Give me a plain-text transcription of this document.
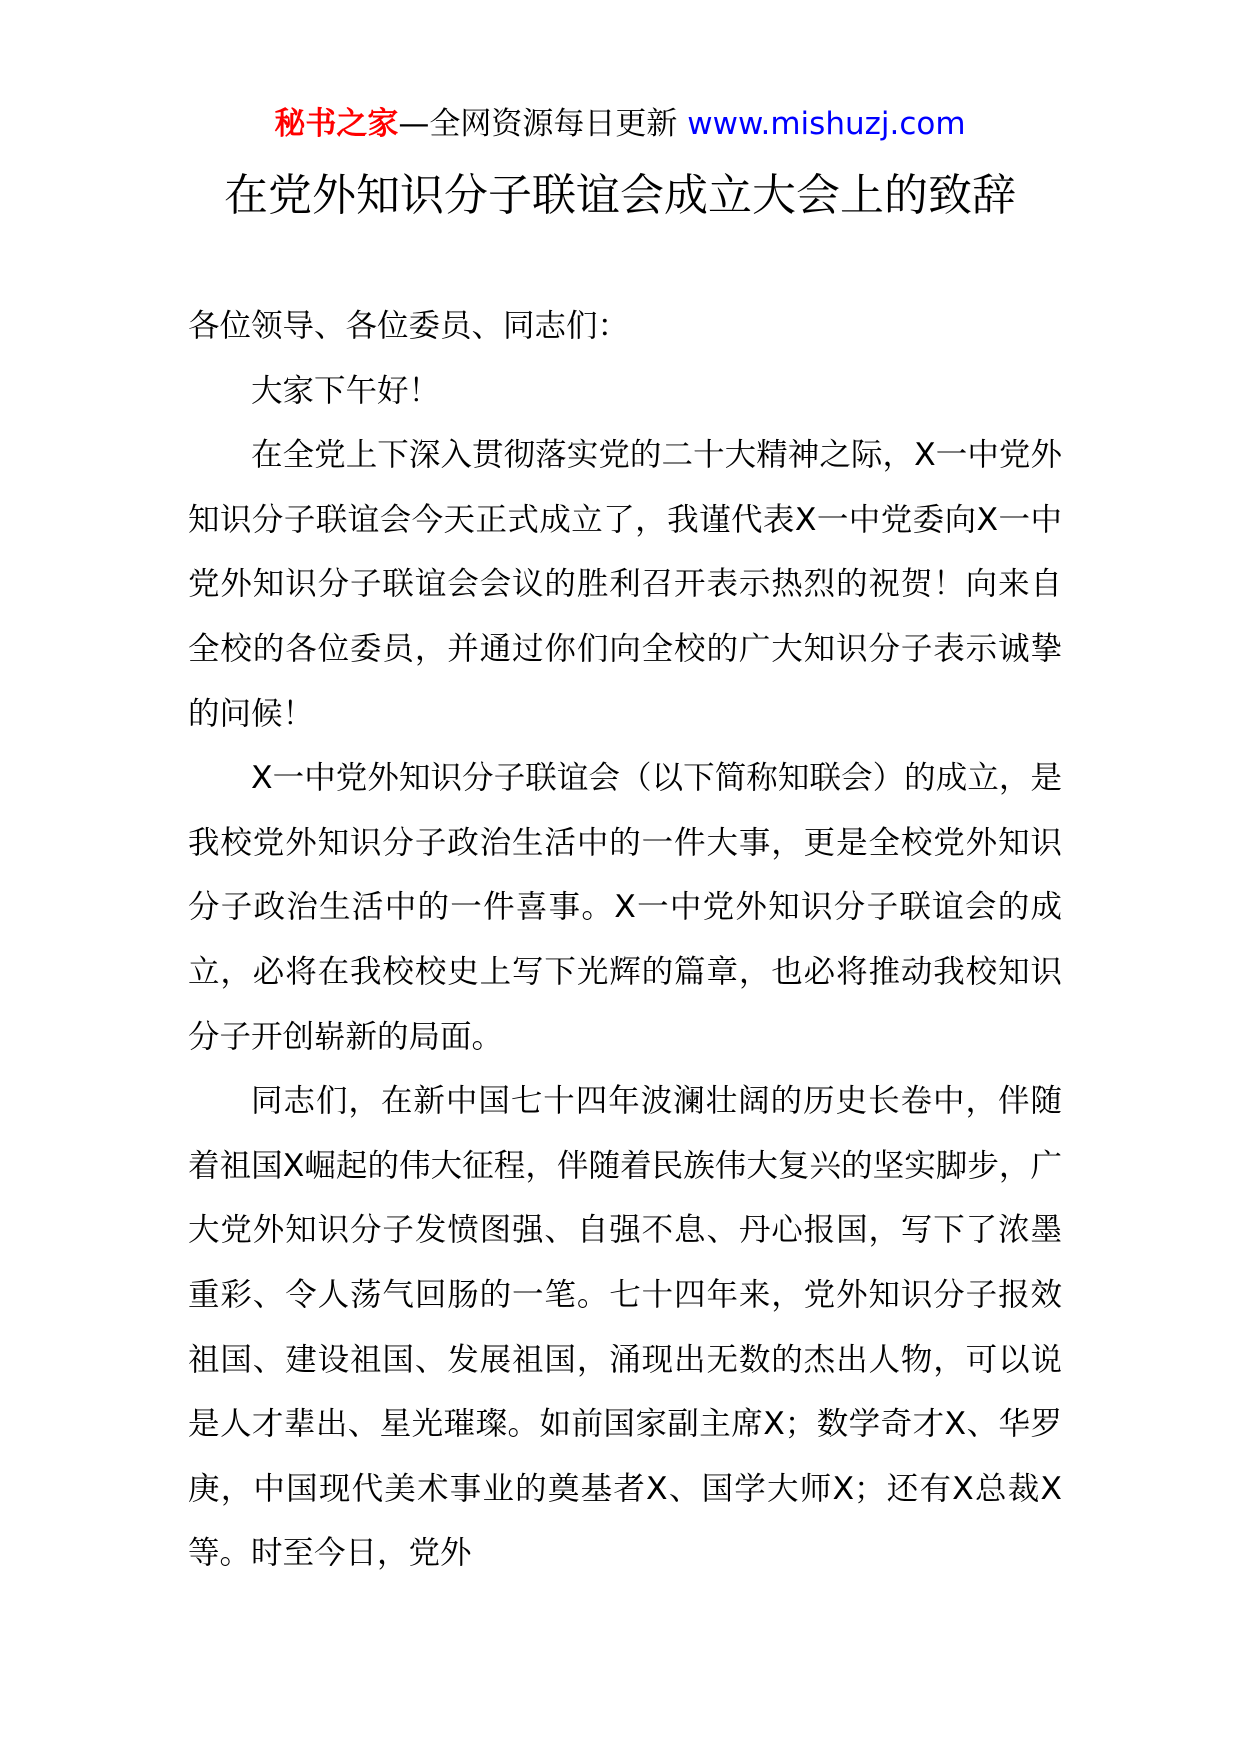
秘书之家—全网资源每日更新 www.mishuzj.com
在党外知识分子联谊会成立大会上的致辞

各位领导、各位委员、同志们：

大家下午好！

在全党上下深入贯彻落实党的二十大精神之际，X一中党外知识分子联谊会今天正式成立了，我谨代表X一中党委向X一中党外知识分子联谊会会议的胜利召开表示热烈的祝贺！向来自全校的各位委员，并通过你们向全校的广大知识分子表示诚挚的问候！

X一中党外知识分子联谊会（以下简称知联会）的成立，是我校党外知识分子政治生活中的一件大事，更是全校党外知识分子政治生活中的一件喜事。X一中党外知识分子联谊会的成立，必将在我校校史上写下光辉的篇章，也必将推动我校知识分子开创崭新的局面。

同志们，在新中国七十四年波澜壮阔的历史长卷中，伴随着祖国X崛起的伟大征程，伴随着民族伟大复兴的坚实脚步，广大党外知识分子发愤图强、自强不息、丹心报国，写下了浓墨重彩、令人荡气回肠的一笔。七十四年来，党外知识分子报效祖国、建设祖国、发展祖国，涌现出无数的杰出人物，可以说是人才辈出、星光璀璨。如前国家副主席X；数学奇才X、华罗庚，中国现代美术事业的奠基者X、国学大师X；还有X总裁X等。时至今日，党外
